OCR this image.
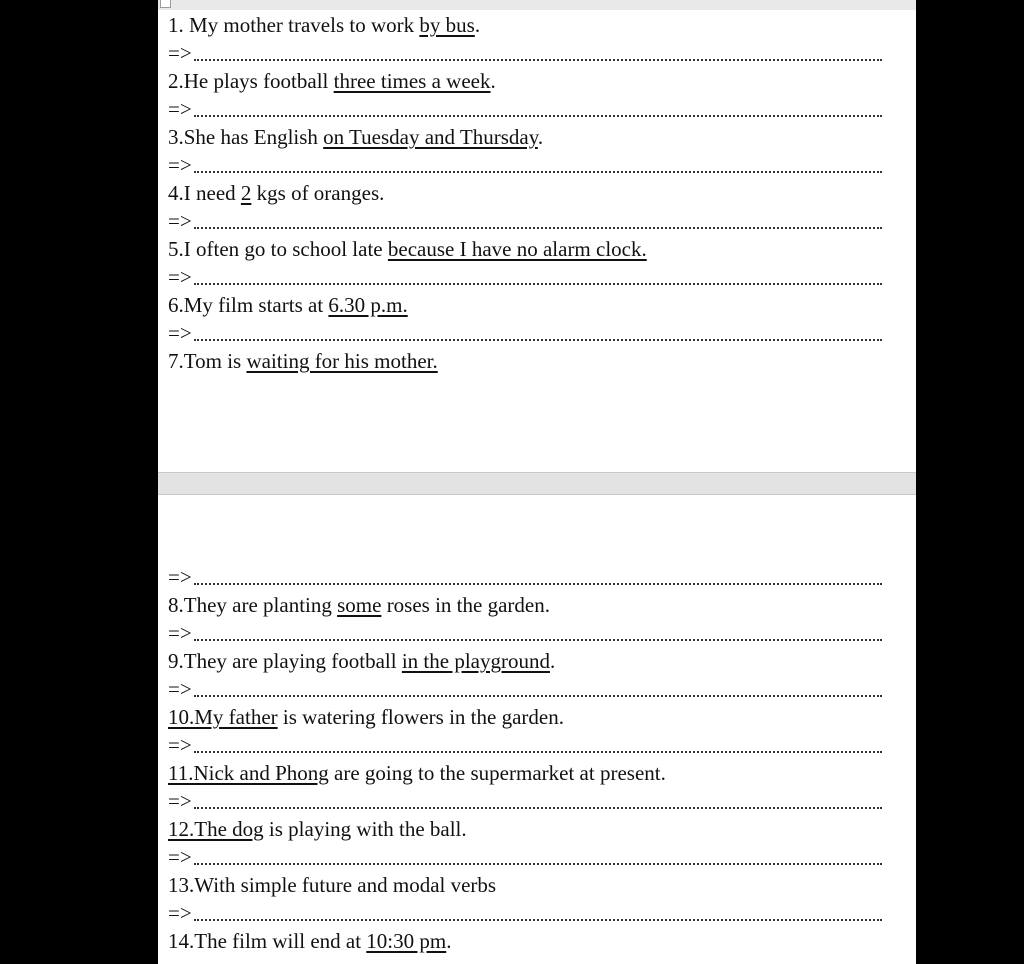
1. My mother travels to work by bus.
=>
2.He plays football three times a week.
=>
3.She has English on Tuesday and Thursday.
=>
4.I need 2 kgs of oranges.
=>
5.I often go to school late because I have no alarm clock.
=>
6.My film starts at 6.30 p.m.
=>
7.Tom is waiting for his mother.
=>
8.They are planting some roses in the garden.
=>
9.They are playing football in the playground.
=>
10.My father is watering flowers in the garden.
=>
11.Nick and Phong are going to the supermarket at present.
=>
12.The dog is playing with the ball.
=>
13.With simple future and modal verbs
=>
14.The film will end at 10:30 pm.
